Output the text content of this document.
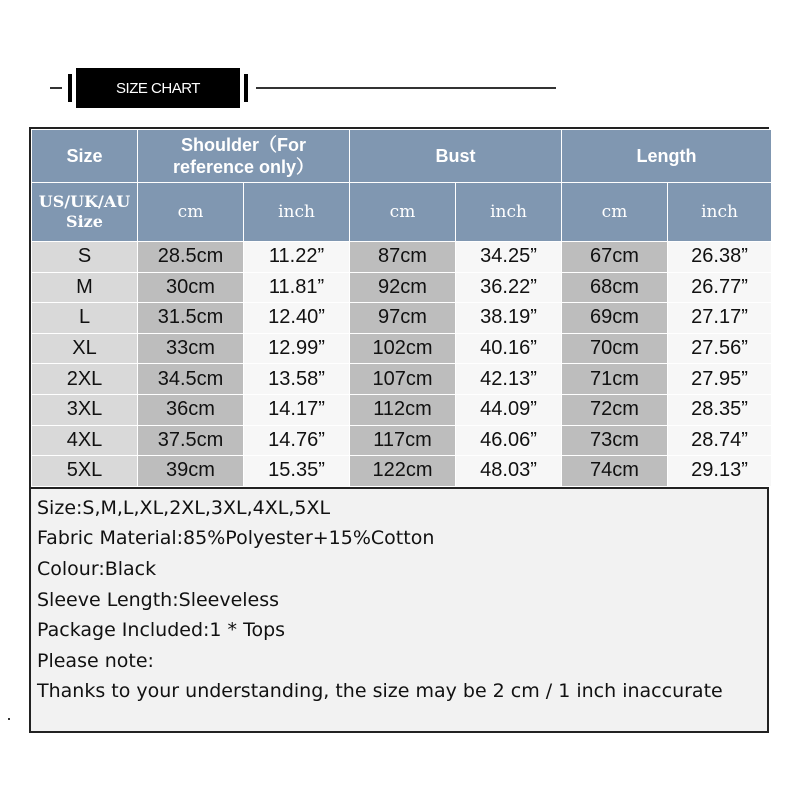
SIZE CHART
Size	Shoulder（For reference only）		Bust		Length	
US/UK/AU Size	cm	inch	cm	inch	cm	inch
S	28.5cm	11.22”	87cm	34.25”	67cm	26.38”
M	30cm	11.81”	92cm	36.22”	68cm	26.77”
L	31.5cm	12.40”	97cm	38.19”	69cm	27.17”
XL	33cm	12.99”	102cm	40.16”	70cm	27.56”
2XL	34.5cm	13.58”	107cm	42.13”	71cm	27.95”
3XL	36cm	14.17”	112cm	44.09”	72cm	28.35”
4XL	37.5cm	14.76”	117cm	46.06”	73cm	28.74”
5XL	39cm	15.35”	122cm	48.03”	74cm	29.13”
Size:S,M,L,XL,2XL,3XL,4XL,5XL
Fabric Material:85%Polyester+15%Cotton
Colour:Black
Sleeve Length:Sleeveless
Package Included:1 * Tops
Please note:
Thanks to your understanding, the size may be 2 cm / 1 inch inaccurate
